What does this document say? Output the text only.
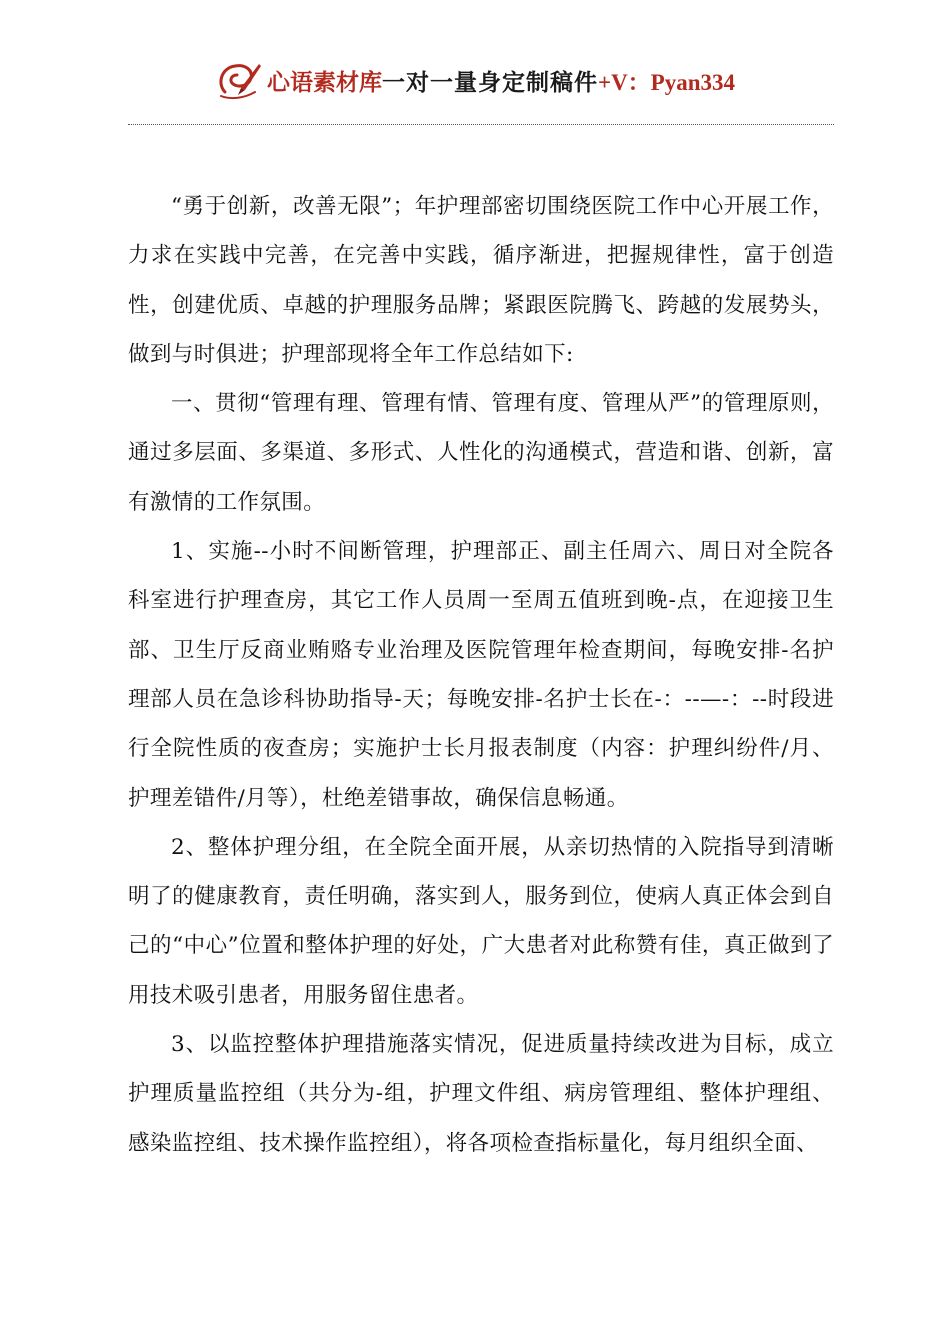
心语素材库 一对一量身定制稿件 +V：Pyan334

“勇于创新，改善无限”；年护理部密切围绕医院工作中心开展工作，力求在实践中完善，在完善中实践，循序渐进，把握规律性，富于创造性，创建优质、卓越的护理服务品牌；紧跟医院腾飞、跨越的发展势头，做到与时俱进；护理部现将全年工作总结如下:

一、贯彻“管理有理、管理有情、管理有度、管理从严”的管理原则，通过多层面、多渠道、多形式、人性化的沟通模式，营造和谐、创新，富有激情的工作氛围。

1、实施--小时不间断管理，护理部正、副主任周六、周日对全院各科室进行护理查房，其它工作人员周一至周五值班到晚-点，在迎接卫生部、卫生厅反商业贿赂专业治理及医院管理年检查期间，每晚安排-名护理部人员在急诊科协助指导-天；每晚安排-名护士长在-：--—-：--时段进行全院性质的夜查房；实施护士长月报表制度（内容：护理纠纷件/月、护理差错件/月等），杜绝差错事故，确保信息畅通。

2、整体护理分组，在全院全面开展，从亲切热情的入院指导到清晰明了的健康教育，责任明确，落实到人，服务到位，使病人真正体会到自己的“中心”位置和整体护理的好处，广大患者对此称赞有佳，真正做到了用技术吸引患者，用服务留住患者。

3、以监控整体护理措施落实情况，促进质量持续改进为目标，成立护理质量监控组（共分为-组，护理文件组、病房管理组、整体护理组、感染监控组、技术操作监控组），将各项检查指标量化，每月组织全面、
